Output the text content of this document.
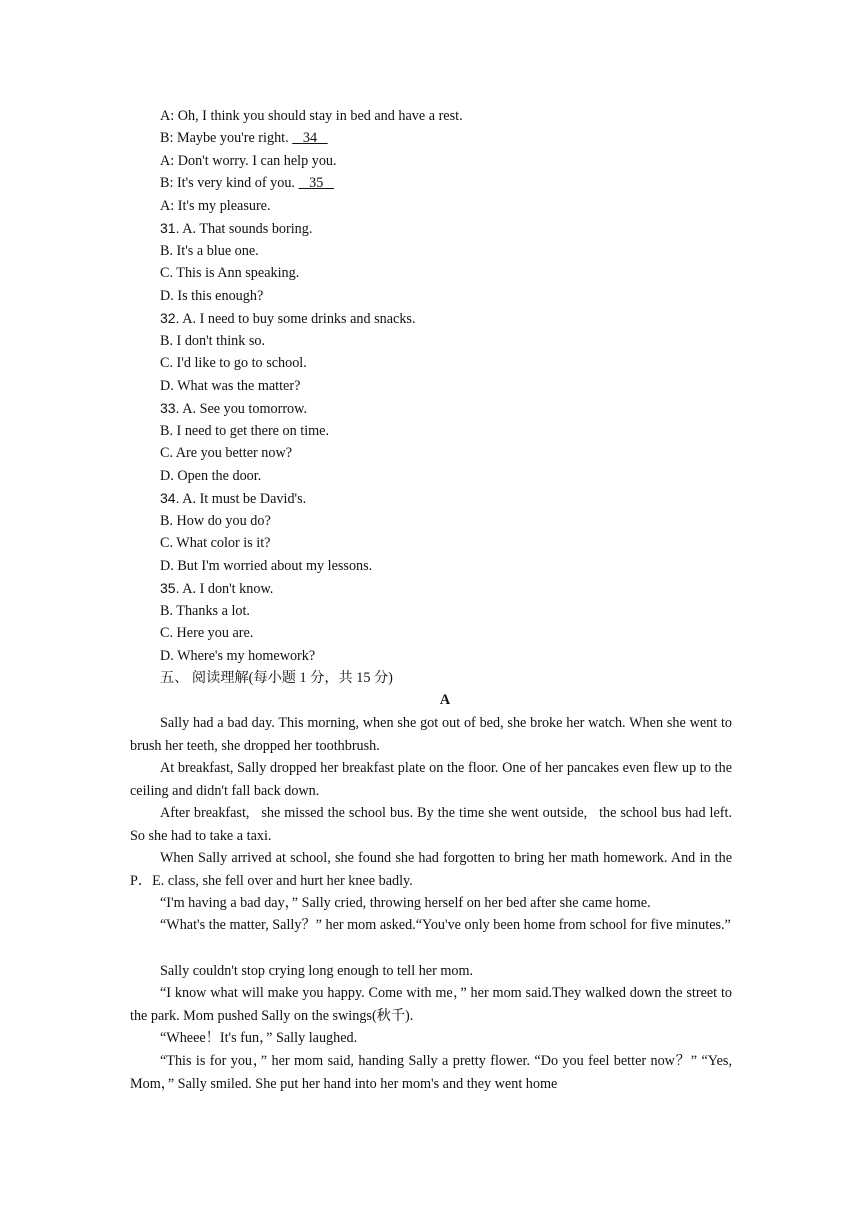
A: Oh, I think you should stay in bed and have a rest.
B: Maybe you're right. 34
A: Don't worry. I can help you.
B: It's very kind of you. 35
A: It's my pleasure.
31. A. That sounds boring.
B. It's a blue one.
C. This is Ann speaking.
D. Is this enough?
32. A. I need to buy some drinks and snacks.
B. I don't think so.
C. I'd like to go to school.
D. What was the matter?
33. A. See you tomorrow.
B. I need to get there on time.
C. Are you better now?
D. Open the door.
34. A. It must be David's.
B. How do you do?
C. What color is it?
D. But I'm worried about my lessons.
35. A. I don't know.
B. Thanks a lot.
C. Here you are.
D. Where's my homework?
五、 阅读理解(每小题 1 分，共 15 分)
A
Sally had a bad day. This morning, when she got out of bed, she broke her watch. When she went to brush her teeth, she dropped her toothbrush.
At breakfast, Sally dropped her breakfast plate on the floor. One of her pancakes even flew up to the ceiling and didn't fall back down.
After breakfast,   she missed the school bus. By the time she went outside,   the school bus had left. So she had to take a taxi.
When Sally arrived at school, she found she had forgotten to bring her math homework. And in the P．E. class, she fell over and hurt her knee badly.
“I'm having a bad day，” Sally cried, throwing herself on her bed after she came home.
“What's the matter, Sally？” her mom asked.“You've only been home from school for five minutes.”
Sally couldn't stop crying long enough to tell her mom.
“I know what will make you happy. Come with me，” her mom said.They walked down the street to the park. Mom pushed Sally on the swings(秋千).
“Wheee！It's fun，” Sally laughed.
“This is for you，” her mom said, handing Sally a pretty flower. “Do you feel better now？” “Yes, Mom，” Sally smiled. She put her hand into her mom's and they went home
